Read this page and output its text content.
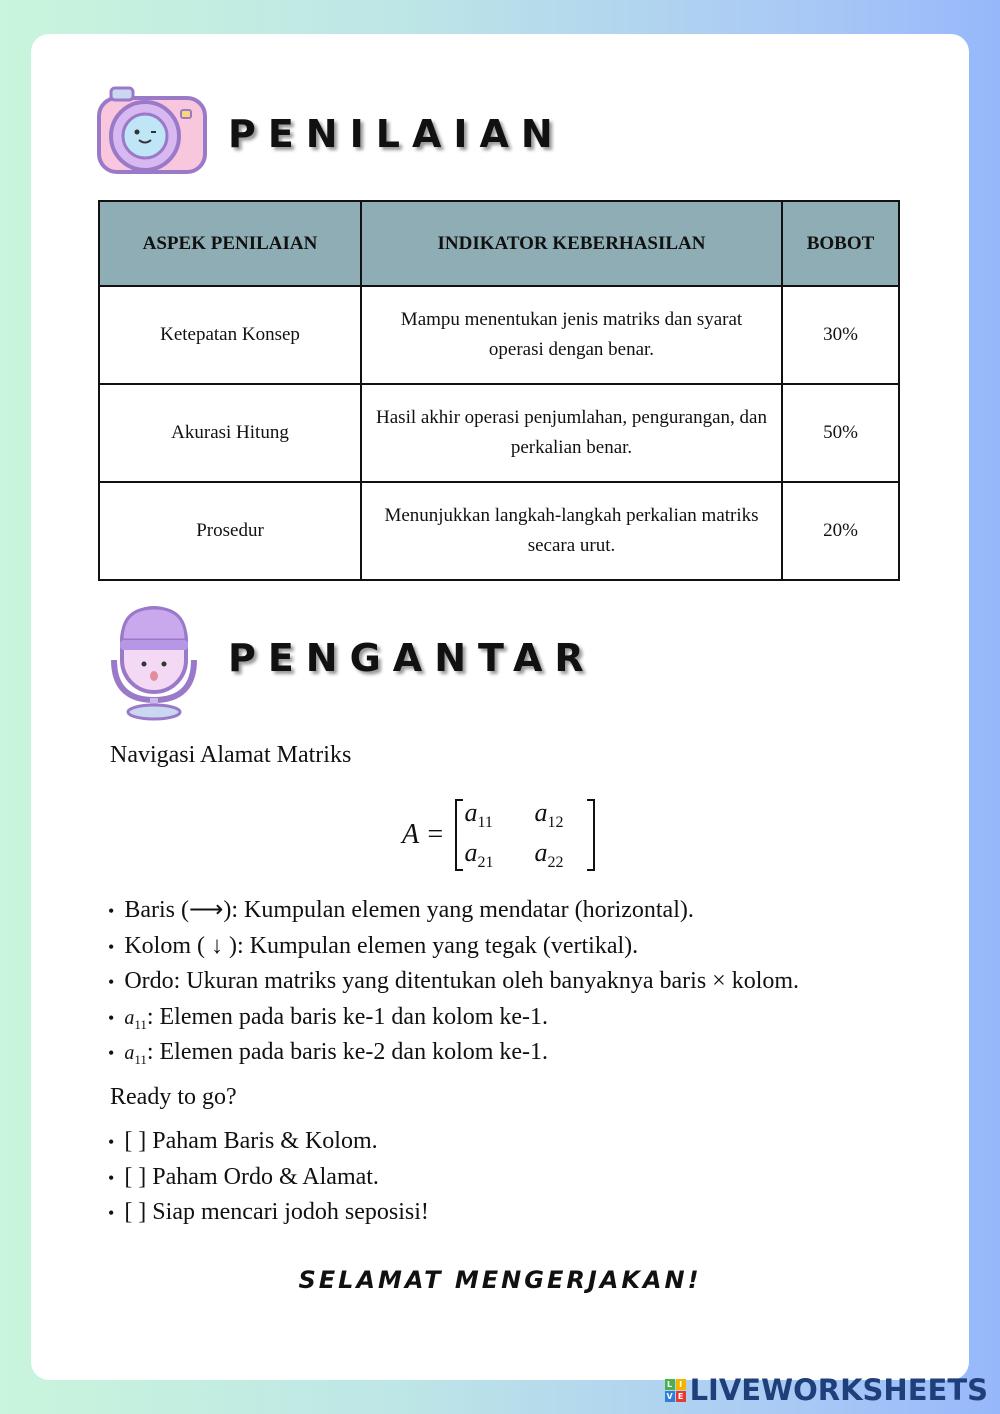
PENILAIAN
ASPEK PENILAIAN	INDIKATOR KEBERHASILAN	BOBOT
Ketepatan Konsep	Mampu menentukan jenis matriks dan syarat operasi dengan benar.	30%
Akurasi Hitung	Hasil akhir operasi penjumlahan, pengurangan, dan perkalian benar.	50%
Prosedur	Menunjukkan langkah-langkah perkalian matriks secara urut.	20%
PENGANTAR
Navigasi Alamat Matriks
A =
$a_{11}$	$a_{12}$
$a_{21}$	$a_{22}$
• Baris (⟶): Kumpulan elemen yang mendatar (horizontal).
• Kolom ( ↓ ): Kumpulan elemen yang tegak (vertikal).
• Ordo: Ukuran matriks yang ditentukan oleh banyaknya baris × kolom.
• $a_{11}$: Elemen pada baris ke-1 dan kolom ke-1.
• $a_{11}$: Elemen pada baris ke-2 dan kolom ke-1.
Ready to go?
• [ ] Paham Baris & Kolom.
• [ ] Paham Ordo & Alamat.
• [ ] Siap mencari jodoh seposisi!
SELAMAT MENGERJAKAN!
L I
V E LIVEWORKSHEETS
